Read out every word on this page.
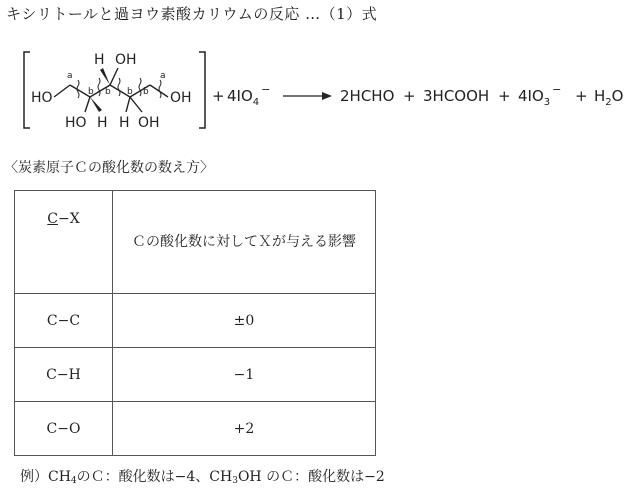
キシリトールと過ヨウ素酸カリウムの反応 …（1）式
HO	OH
H OH
HO H H OH
a
b b b b
a
+ $4IO_4^-$	2HCHO + 3HCOOH + $4IO_3^- + H_2O$
〈炭素原子Ｃの酸化数の数え方〉
C−X	Ｃの酸化数に対してＸが与える影響

C−C	±0
C−H	−1
C−O	+2
例）$CH_4$のＣ：酸化数は−4、$CH_3OH$ のＣ：酸化数は−2
